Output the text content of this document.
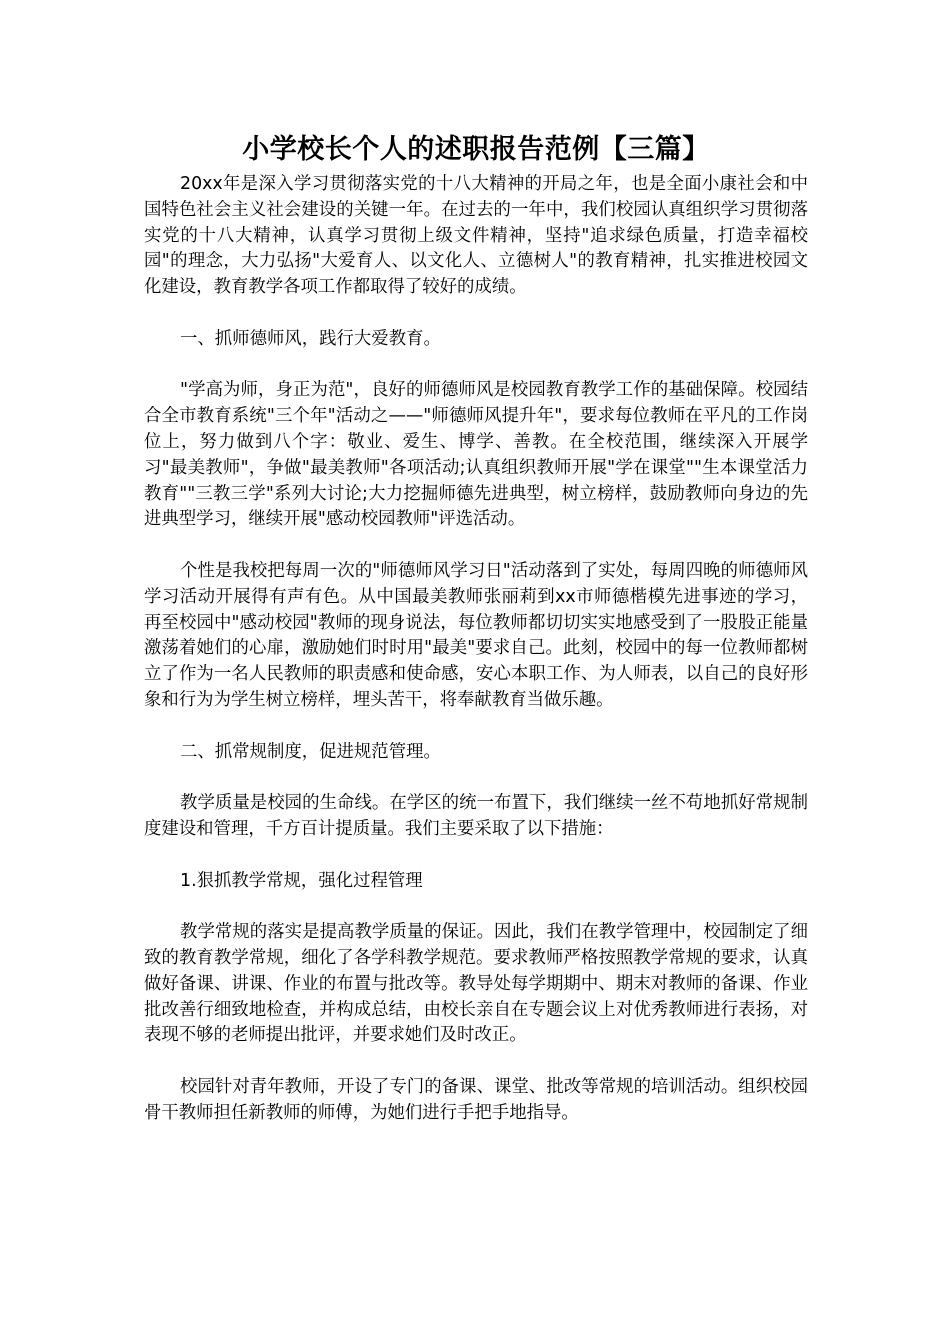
小学校长个人的述职报告范例【三篇】

20xx年是深入学习贯彻落实党的十八大精神的开局之年，也是全面小康社会和中国特色社会主义社会建设的关键一年。在过去的一年中，我们校园认真组织学习贯彻落实党的十八大精神，认真学习贯彻上级文件精神，坚持"追求绿色质量，打造幸福校园"的理念，大力弘扬"大爱育人、以文化人、立德树人"的教育精神，扎实推进校园文化建设，教育教学各项工作都取得了较好的成绩。

一、抓师德师风，践行大爱教育。

"学高为师，身正为范"，良好的师德师风是校园教育教学工作的基础保障。校园结合全市教育系统"三个年"活动之——"师德师风提升年"，要求每位教师在平凡的工作岗位上，努力做到八个字：敬业、爱生、博学、善教。在全校范围，继续深入开展学习"最美教师"，争做"最美教师"各项活动;认真组织教师开展"学在课堂""生本课堂活力教育""三教三学"系列大讨论;大力挖掘师德先进典型，树立榜样，鼓励教师向身边的先进典型学习，继续开展"感动校园教师"评选活动。

个性是我校把每周一次的"师德师风学习日"活动落到了实处，每周四晚的师德师风学习活动开展得有声有色。从中国最美教师张丽莉到xx市师德楷模先进事迹的学习，再至校园中"感动校园"教师的现身说法，每位教师都切切实实地感受到了一股股正能量激荡着她们的心扉，激励她们时时用"最美"要求自己。此刻，校园中的每一位教师都树立了作为一名人民教师的职责感和使命感，安心本职工作、为人师表，以自己的良好形象和行为为学生树立榜样，埋头苦干，将奉献教育当做乐趣。

二、抓常规制度，促进规范管理。

教学质量是校园的生命线。在学区的统一布置下，我们继续一丝不苟地抓好常规制度建设和管理，千方百计提质量。我们主要采取了以下措施：

1.狠抓教学常规，强化过程管理

教学常规的落实是提高教学质量的保证。因此，我们在教学管理中，校园制定了细致的教育教学常规，细化了各学科教学规范。要求教师严格按照教学常规的要求，认真做好备课、讲课、作业的布置与批改等。教导处每学期期中、期末对教师的备课、作业批改善行细致地检查，并构成总结，由校长亲自在专题会议上对优秀教师进行表扬，对表现不够的老师提出批评，并要求她们及时改正。

校园针对青年教师，开设了专门的备课、课堂、批改等常规的培训活动。组织校园骨干教师担任新教师的师傅，为她们进行手把手地指导。
